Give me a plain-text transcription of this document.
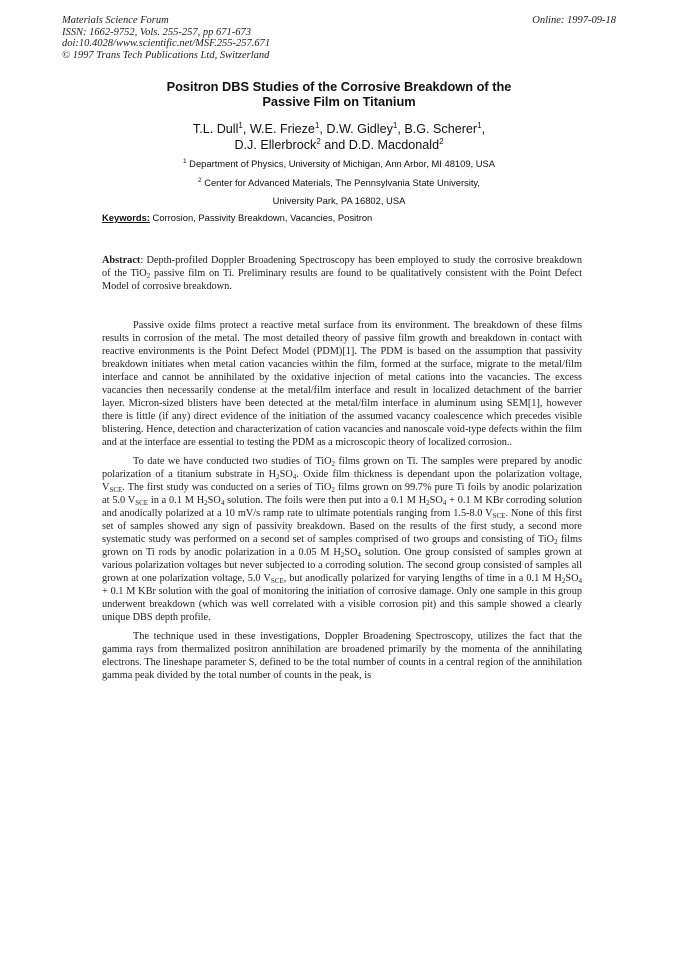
Materials Science Forum
ISSN: 1662-9752, Vols. 255-257, pp 671-673
doi:10.4028/www.scientific.net/MSF.255-257.671
© 1997 Trans Tech Publications Ltd, Switzerland
Online: 1997-09-18
Positron DBS Studies of the Corrosive Breakdown of the
Passive Film on Titanium
T.L. Dull$^1$, W.E. Frieze$^1$, D.W. Gidley$^1$, B.G. Scherer$^1$,
D.J. Ellerbrock$^2$ and D.D. Macdonald$^2$
$^1$ Department of Physics, University of Michigan, Ann Arbor, MI 48109, USA
$^2$ Center for Advanced Materials, The Pennsylvania State University,
University Park, PA 16802, USA
Keywords: Corrosion, Passivity Breakdown, Vacancies, Positron
Abstract: Depth-profiled Doppler Broadening Spectroscopy has been employed to study the corrosive breakdown of the TiO$_2$ passive film on Ti. Preliminary results are found to be qualitatively consistent with the Point Defect Model of corrosive breakdown.

Passive oxide films protect a reactive metal surface from its environment. The breakdown of these films results in corrosion of the metal. The most detailed theory of passive film growth and breakdown in contact with reactive environments is the Point Defect Model (PDM)[1]. The PDM is based on the assumption that passivity breakdown initiates when metal cation vacancies within the film, formed at the surface, migrate to the metal/film interface and cannot be annihilated by the oxidative injection of metal cations into the vacancies. The excess vacancies then necessarily condense at the metal/film interface and result in localized detachment of the barrier layer. Micron-sized blisters have been detected at the metal/film interface in aluminum using SEM[1], however there is little (if any) direct evidence of the initiation of the assumed vacancy coalescence which precedes visible blistering. Hence, detection and characterization of cation vacancies and nanoscale void-type defects within the film and at the interface are essential to testing the PDM as a microscopic theory of localized corrosion..

To date we have conducted two studies of TiO$_2$ films grown on Ti. The samples were prepared by anodic polarization of a titanium substrate in $H_2SO_4$. Oxide film thickness is dependant upon the polarization voltage, $V_{SCE}$. The first study was conducted on a series of TiO$_2$ films grown on 99.7% pure Ti foils by anodic polarization at 5.0 $V_{SCE}$ in a 0.1 M $H_2SO_4$ solution. The foils were then put into a 0.1 M $H_2SO_4 + 0.1$ M KBr corroding solution and anodically polarized at a 10 mV/s ramp rate to ultimate potentials ranging from 1.5-8.0 $V_{SCE}$. None of this first set of samples showed any sign of passivity breakdown. Based on the results of the first study, a second more systematic study was performed on a second set of samples comprised of two groups and consisting of TiO$_2$ films grown on Ti rods by anodic polarization in a 0.05 M $H_2SO_4$ solution. One group consisted of samples grown at various polarization voltages but never subjected to a corroding solution. The second group consisted of samples all grown at one polarization voltage, 5.0 $V_{SCE}$, but anodically polarized for varying lengths of time in a 0.1 M $H_2SO_4 + 0.1$ M KBr solution with the goal of monitoring the initiation of corrosive damage. Only one sample in this group underwent breakdown (which was well correlated with a visible corrosion pit) and this sample showed a clearly unique DBS depth profile.

The technique used in these investigations, Doppler Broadening Spectroscopy, utilizes the fact that the gamma rays from thermalized positron annihilation are broadened primarily by the momenta of the annihilating electrons. The lineshape parameter S, defined to be the total number of counts in a central region of the annihilation gamma peak divided by the total number of counts in the peak, is
